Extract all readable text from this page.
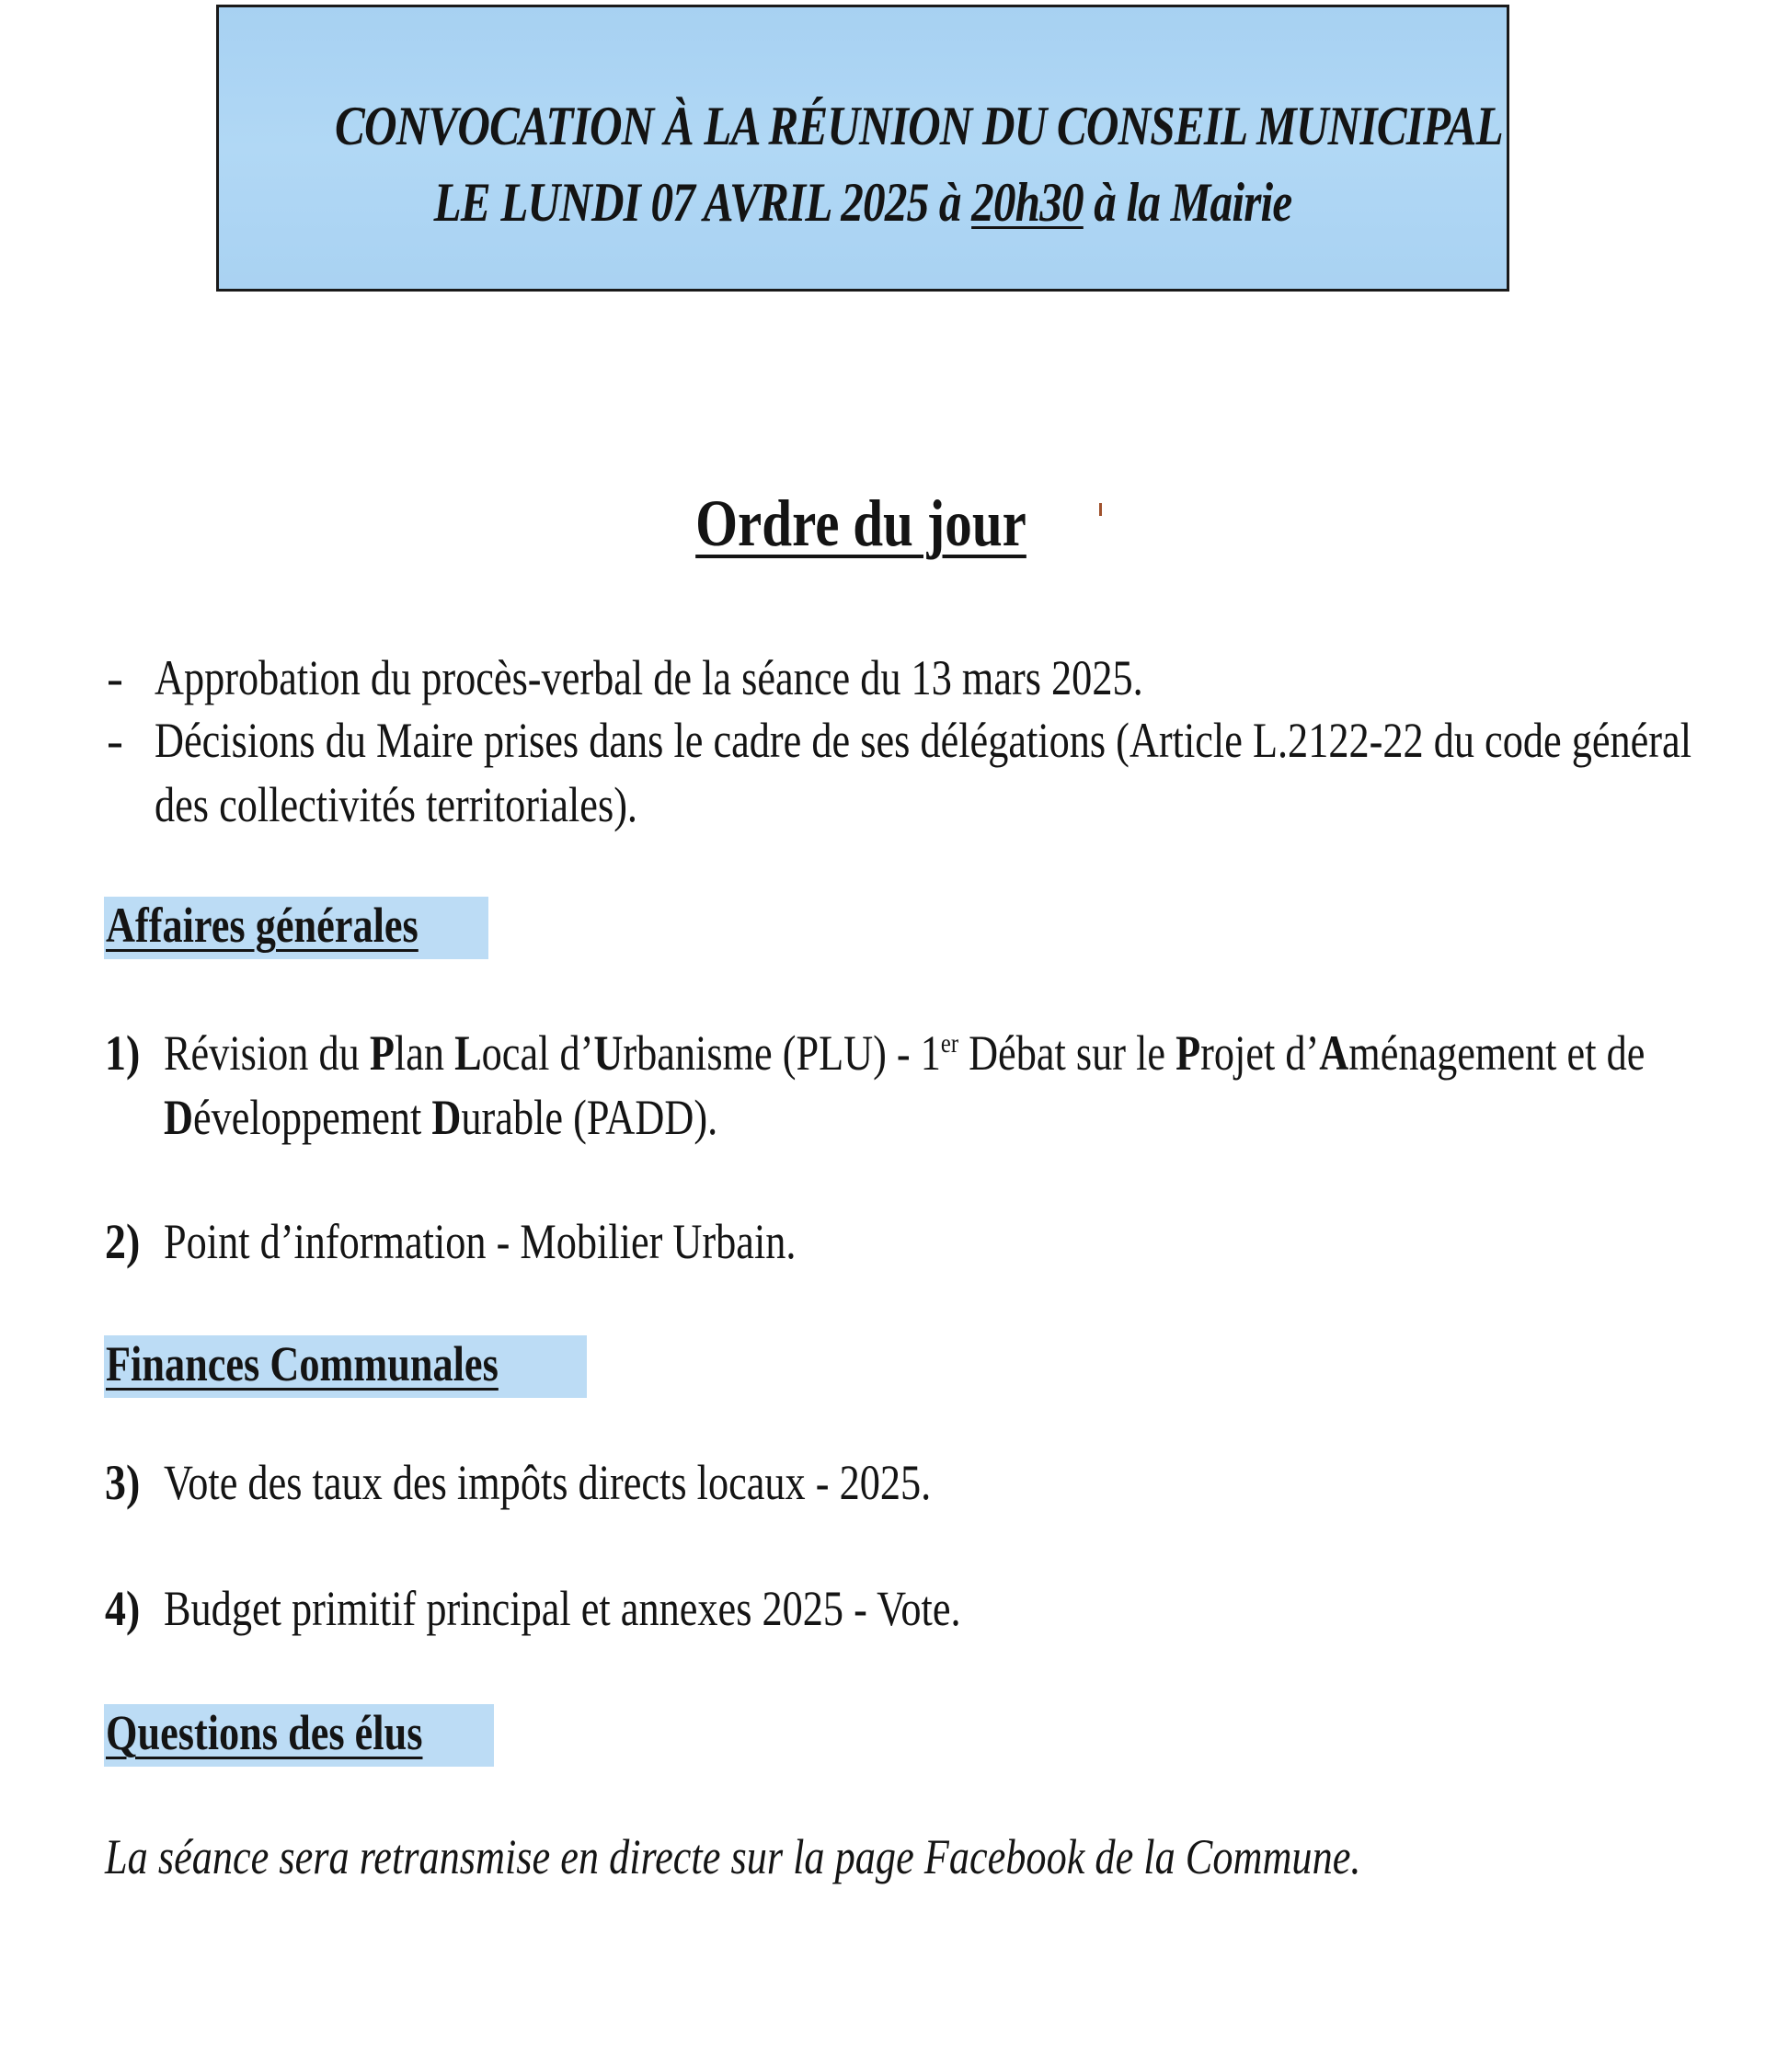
CONVOCATION À LA RÉUNION DU CONSEIL MUNICIPAL
LE LUNDI 07 AVRIL 2025 à 20h30 à la Mairie
Ordre du jour
- Approbation du procès-verbal de la séance du 13 mars 2025.
- Décisions du Maire prises dans le cadre de ses délégations (Article L.2122-22 du code général
des collectivités territoriales).
Affaires générales
1) Révision du Plan Local d’Urbanisme (PLU) - 1er Débat sur le Projet d’Aménagement et de
Développement Durable (PADD).
2) Point d’information - Mobilier Urbain.
Finances Communales
3) Vote des taux des impôts directs locaux - 2025.
4) Budget primitif principal et annexes 2025 - Vote.
Questions des élus
La séance sera retransmise en directe sur la page Facebook de la Commune.
